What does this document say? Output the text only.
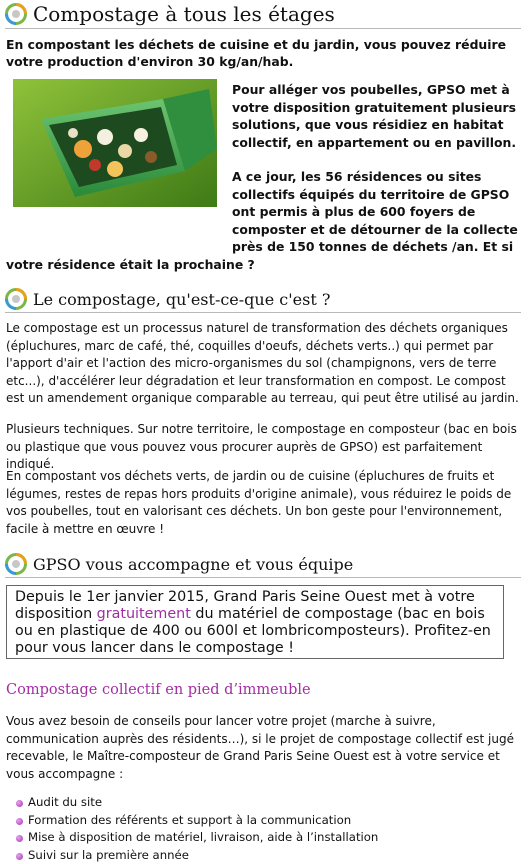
Compostage à tous les étages

En compostant les déchets de cuisine et du jardin, vous pouvez réduire votre production d'environ 30 kg/an/hab.

Pour alléger vos poubelles, GPSO met à votre disposition gratuitement plusieurs solutions, que vous résidiez en habitat collectif, en appartement ou en pavillon.

A ce jour, les 56 résidences ou sites collectifs équipés du territoire de GPSO ont permis à plus de 600 foyers de composter et de détourner de la collecte près de 150 tonnes de déchets /an. Et si votre résidence était la prochaine ?

Le compostage, qu'est-ce-que c'est ?

Le compostage est un processus naturel de transformation des déchets organiques (épluchures, marc de café, thé, coquilles d'oeufs, déchets verts..) qui permet par l'apport d'air et l'action des micro-organismes du sol (champignons, vers de terre etc...), d'accélérer leur dégradation et leur transformation en compost. Le compost est un amendement organique comparable au terreau, qui peut être utilisé au jardin.

Plusieurs techniques. Sur notre territoire, le compostage en composteur (bac en bois ou plastique que vous pouvez vous procurer auprès de GPSO) est parfaitement indiqué.

En compostant vos déchets verts, de jardin ou de cuisine (épluchures de fruits et légumes, restes de repas hors produits d'origine animale), vous réduirez le poids de vos poubelles, tout en valorisant ces déchets. Un bon geste pour l'environnement, facile à mettre en œuvre !

GPSO vous accompagne et vous équipe

Depuis le 1er janvier 2015, Grand Paris Seine Ouest met à votre disposition gratuitement du matériel de compostage (bac en bois ou en plastique de 400 ou 600l et lombricomposteurs). Profitez-en pour vous lancer dans le compostage !

Compostage collectif en pied d’immeuble

Vous avez besoin de conseils pour lancer votre projet (marche à suivre, communication auprès des résidents…), si le projet de compostage collectif est jugé recevable, le Maître-composteur de Grand Paris Seine Ouest est à votre service et vous accompagne :

Audit du site
Formation des référents et support à la communication
Mise à disposition de matériel, livraison, aide à l’installation
Suivi sur la première année
